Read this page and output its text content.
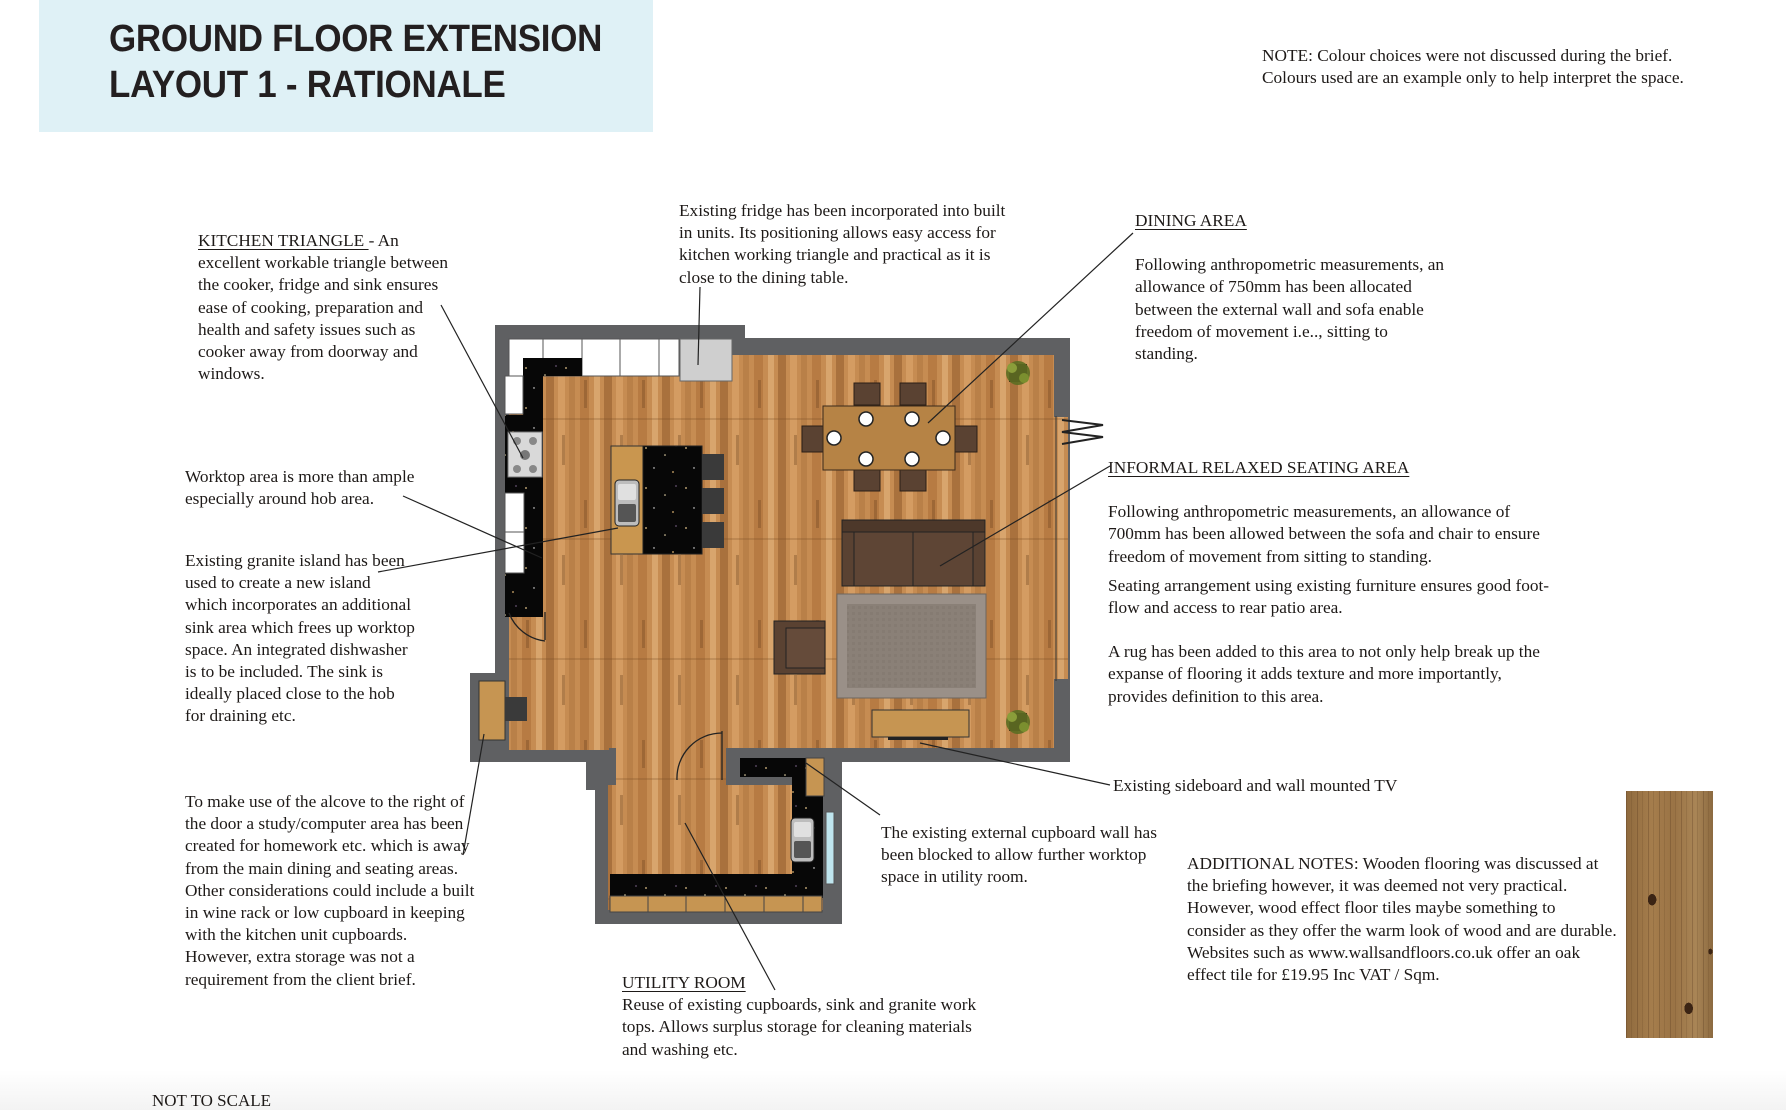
GROUND FLOOR EXTENSION
LAYOUT 1 - RATIONALE

NOTE: Colour choices were not discussed during the brief. Colours used are an example only to help interpret the space.

KITCHEN TRIANGLE - An excellent workable triangle between the cooker, fridge and sink ensures ease of cooking, preparation and health and safety issues such as cooker away from doorway and windows.

Existing fridge has been incorporated into built in units. Its positioning allows easy access for kitchen working triangle and practical as it is close to the dining table.

DINING AREA

Following anthropometric measurements, an allowance of 750mm has been allocated between the external wall and sofa enable freedom of movement i.e.., sitting to standing.

Worktop area is more than ample especially around hob area.

Existing granite island has been used to create a new island which incorporates an additional sink area which frees up worktop space. An integrated dishwasher is to be included. The sink is ideally placed close to the hob for draining etc.

INFORMAL RELAXED SEATING AREA

Following anthropometric measurements, an allowance of 700mm has been allowed between the sofa and chair to ensure freedom of movement from sitting to standing.

Seating arrangement using existing furniture ensures good foot-flow and access to rear patio area.

A rug has been added to this area to not only help break up the expanse of flooring it adds texture and more importantly, provides definition to this area.

To make use of the alcove to the right of the door a study/computer area has been created for homework etc. which is away from the main dining and seating areas. Other considerations could include a built in wine rack or low cupboard in keeping with the kitchen unit cupboards. However, extra storage was not a requirement from the client brief.

Existing sideboard and wall mounted TV

The existing external cupboard wall has been blocked to allow further worktop space in utility room.

UTILITY ROOM

Reuse of existing cupboards, sink and granite work tops. Allows surplus storage for cleaning materials and washing etc.

ADDITIONAL NOTES: Wooden flooring was discussed at the briefing however, it was deemed not very practical. However, wood effect floor tiles maybe something to consider as they offer the warm look of wood and are durable. Websites such as www.wallsandfloors.co.uk offer an oak effect tile for £19.95 Inc VAT / Sqm.

NOT TO SCALE
